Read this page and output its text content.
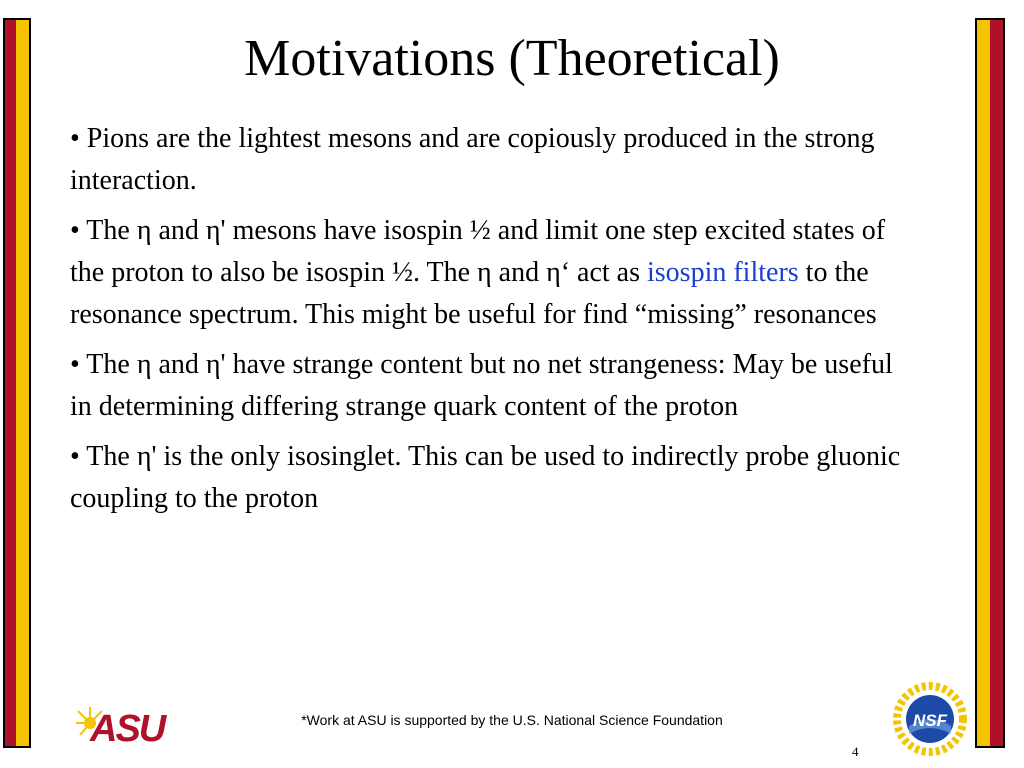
Motivations (Theoretical)

• Pions are the lightest mesons and are copiously produced in the strong interaction.

• The η and η' mesons have isospin ½ and limit one step excited states of the proton to also be isospin ½. The η and η‘ act as isospin filters to the resonance spectrum. This might be useful for find “missing” resonances

• The η and η' have strange content but no net strangeness: May be useful in determining differing strange quark content of the proton

• The η' is the only isosinglet. This can be used to indirectly probe gluonic coupling to the proton

ASU	*Work at ASU is supported by the U.S. National Science Foundation	NSF
4
